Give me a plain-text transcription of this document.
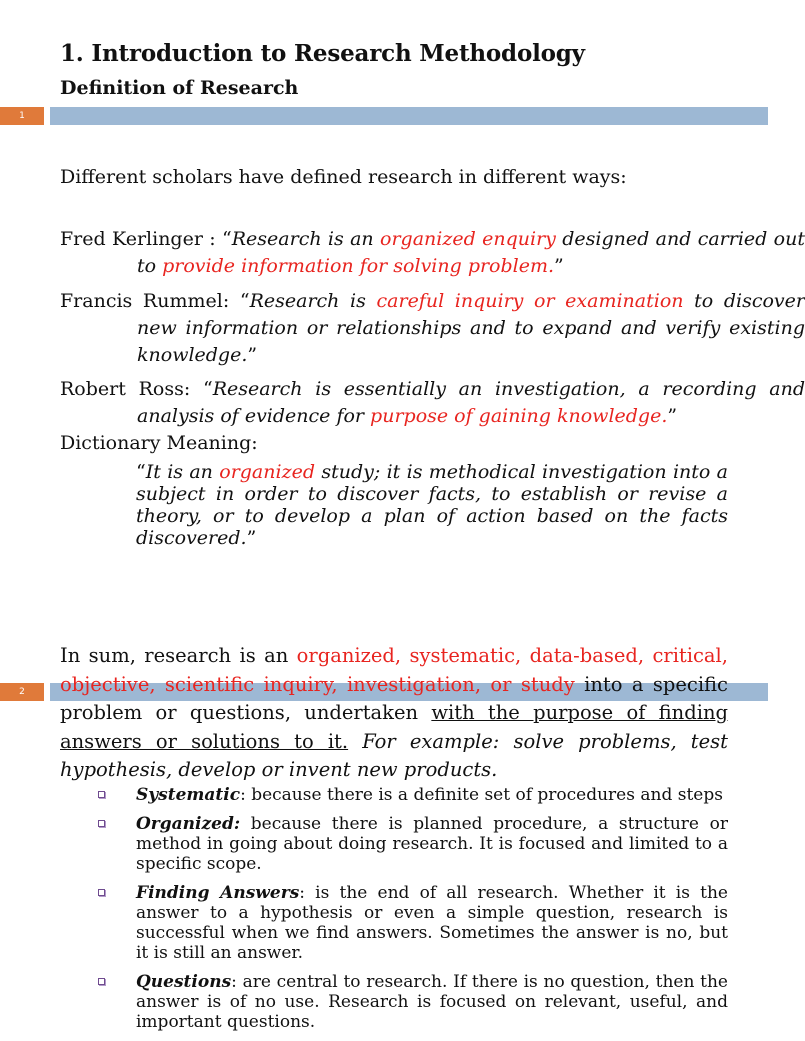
1. Introduction to Research Methodology
Definition of Research
1

Different scholars have defined research in different ways:

Fred Kerlinger : “Research is an organized enquiry designed and carried out to provide information for solving problem.”

Francis Rummel: “Research is careful inquiry or examination to discover new information or relationships and to expand and verify existing knowledge.”

Robert Ross: “Research is essentially an investigation, a recording and analysis of evidence for purpose of gaining knowledge.”

Dictionary Meaning:

“It is an organized study; it is methodical investigation into a subject in order to discover facts, to establish or revise a theory, or to develop a plan of action based on the facts discovered.”

2

In sum, research is an organized, systematic, data-based, critical, objective, scientific inquiry, investigation, or study into a specific problem or questions, undertaken with the purpose of finding answers or solutions to it. For example: solve problems, test hypothesis, develop or invent new products.

Systematic: because there is a definite set of procedures and steps
Organized: because there is planned procedure, a structure or method in going about doing research. It is focused and limited to a specific scope.
Finding Answers: is the end of all research. Whether it is the answer to a hypothesis or even a simple question, research is successful when we find answers. Sometimes the answer is no, but it is still an answer.
Questions: are central to research. If there is no question, then the answer is of no use. Research is focused on relevant, useful, and important questions.
